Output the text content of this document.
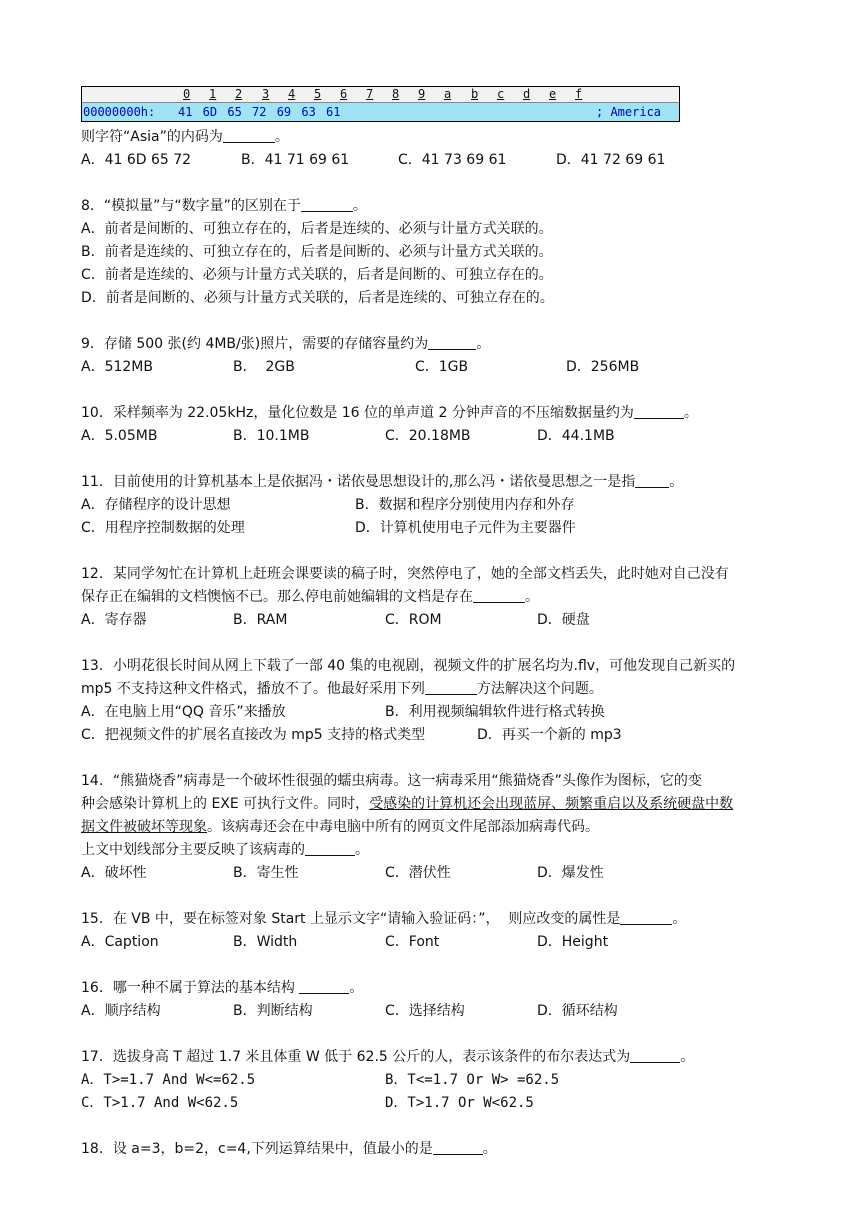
0 1 2 3 4 5 6 7 8 9 a b c d e f
00000000h: 41 6D 65 72 69 63 61	; America
则字符“Asia”的内码为	。
A．41 6D 65 72	B．41 71 69 61	C．41 73 69 61	D．41 72 69 61
8．“模拟量”与“数字量”的区别在于	。
A．前者是间断的、可独立存在的，后者是连续的、必须与计量方式关联的。
B．前者是连续的、可独立存在的，后者是间断的、必须与计量方式关联的。
C．前者是连续的、必须与计量方式关联的，后者是间断的、可独立存在的。
D．前者是间断的、必须与计量方式关联的，后者是连续的、可独立存在的。
9．存储 500 张(约 4MB/张)照片，需要的存储容量约为	。
A．512MB	B．  2GB	C．1GB	D．256MB
10．采样频率为 22.05kHz，量化位数是 16 位的单声道 2 分钟声音的不压缩数据量约为	。
A．5.05MB	B．10.1MB	C．20.18MB	D．44.1MB
11．目前使用的计算机基本上是依据冯・诺依曼思想设计的,那么冯・诺依曼思想之一是指 。
A．存储程序的设计思想	B．数据和程序分别使用内存和外存
C．用程序控制数据的处理	D．计算机使用电子元件为主要器件
12．某同学匆忙在计算机上赶班会课要读的稿子时，突然停电了，她的全部文档丢失，此时她对自己没有
保存正在编辑的文档懊恼不已。那么停电前她编辑的文档是存在	。
A．寄存器	B．RAM	C．ROM	D．硬盘
13．小明花很长时间从网上下载了一部 40 集的电视剧，视频文件的扩展名均为.flv，可他发现自己新买的
mp5 不支持这种文件格式，播放不了。他最好采用下列	方法解决这个问题。
A．在电脑上用“QQ 音乐”来播放	B．利用视频编辑软件进行格式转换
C．把视频文件的扩展名直接改为 mp5 支持的格式类型	D．再买一个新的 mp3
14．“熊猫烧香”病毒是一个破坏性很强的蠕虫病毒。这一病毒采用“熊猫烧香”头像作为图标，它的变
种会感染计算机上的 EXE 可执行文件。同时，受感染的计算机还会出现蓝屏、频繁重启以及系统硬盘中数
据文件被破坏等现象。该病毒还会在中毒电脑中所有的网页文件尾部添加病毒代码。
上文中划线部分主要反映了该病毒的	。
A．破坏性	B．寄生性	C．潜伏性	D．爆发性
15．在 VB 中，要在标签对象 Start 上显示文字“请输入验证码：”，  则应改变的属性是	。
A．Caption	B．Width	C．Font	D．Height
16．哪一种不属于算法的基本结构	。
A．顺序结构	B．判断结构	C．选择结构	D．循环结构
17．选拔身高 T 超过 1.7 米且体重 W 低于 62.5 公斤的人，表示该条件的布尔表达式为	。
A．T>=1.7 And W<=62.5	B．T<=1.7 Or W> =62.5
C．T>1.7 And W<62.5	D．T>1.7 Or W<62.5
18．设 a=3，b=2，c=4,下列运算结果中，值最小的是	。
